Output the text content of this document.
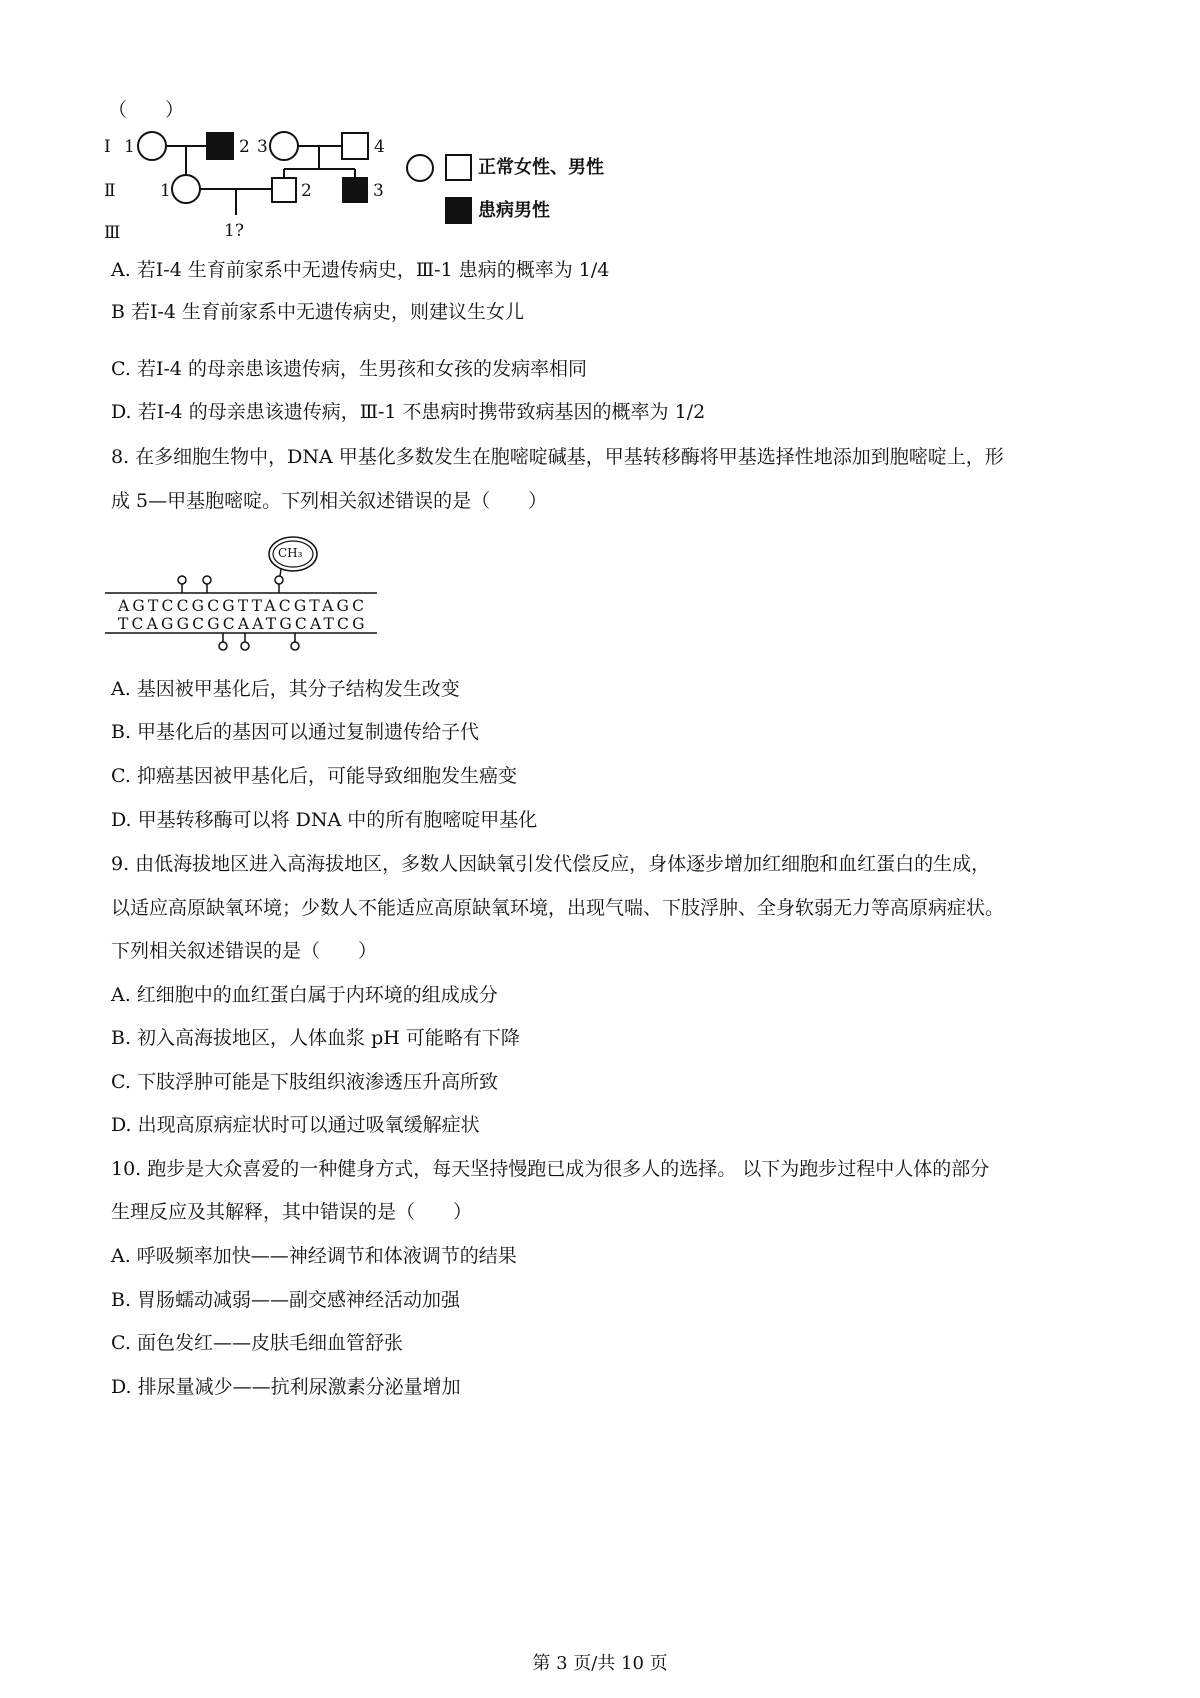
（　　）
Ⅰ
Ⅱ
Ⅲ
1	2 3	4
1	2	3
1?
正常女性、男性
患病男性
A. 若Ⅰ-4 生育前家系中无遗传病史，Ⅲ-1 患病的概率为 1/4
B 若Ⅰ-4 生育前家系中无遗传病史，则建议生女儿
C. 若Ⅰ-4 的母亲患该遗传病，生男孩和女孩的发病率相同
D. 若Ⅰ-4 的母亲患该遗传病，Ⅲ-1 不患病时携带致病基因的概率为 1/2
8. 在多细胞生物中，DNA 甲基化多数发生在胞嘧啶碱基，甲基转移酶将甲基选择性地添加到胞嘧啶上，形
成 5—甲基胞嘧啶。下列相关叙述错误的是（　　）
CH₃
AGTCCGCGTTACGTAGC
TCAGGCGCAATGCATCG
A. 基因被甲基化后，其分子结构发生改变
B. 甲基化后的基因可以通过复制遗传给子代
C. 抑癌基因被甲基化后，可能导致细胞发生癌变
D. 甲基转移酶可以将 DNA 中的所有胞嘧啶甲基化
9. 由低海拔地区进入高海拔地区，多数人因缺氧引发代偿反应，身体逐步增加红细胞和血红蛋白的生成，
以适应高原缺氧环境；少数人不能适应高原缺氧环境，出现气喘、下肢浮肿、全身软弱无力等高原病症状。
下列相关叙述错误的是（　　）
A. 红细胞中的血红蛋白属于内环境的组成成分
B. 初入高海拔地区，人体血浆 pH 可能略有下降
C. 下肢浮肿可能是下肢组织液渗透压升高所致
D. 出现高原病症状时可以通过吸氧缓解症状
10. 跑步是大众喜爱的一种健身方式，每天坚持慢跑已成为很多人的选择。 以下为跑步过程中人体的部分
生理反应及其解释，其中错误的是（　　）
A. 呼吸频率加快——神经调节和体液调节的结果
B. 胃肠蠕动减弱——副交感神经活动加强
C. 面色发红——皮肤毛细血管舒张
D. 排尿量减少——抗利尿激素分泌量增加
第 3 页/共 10 页
